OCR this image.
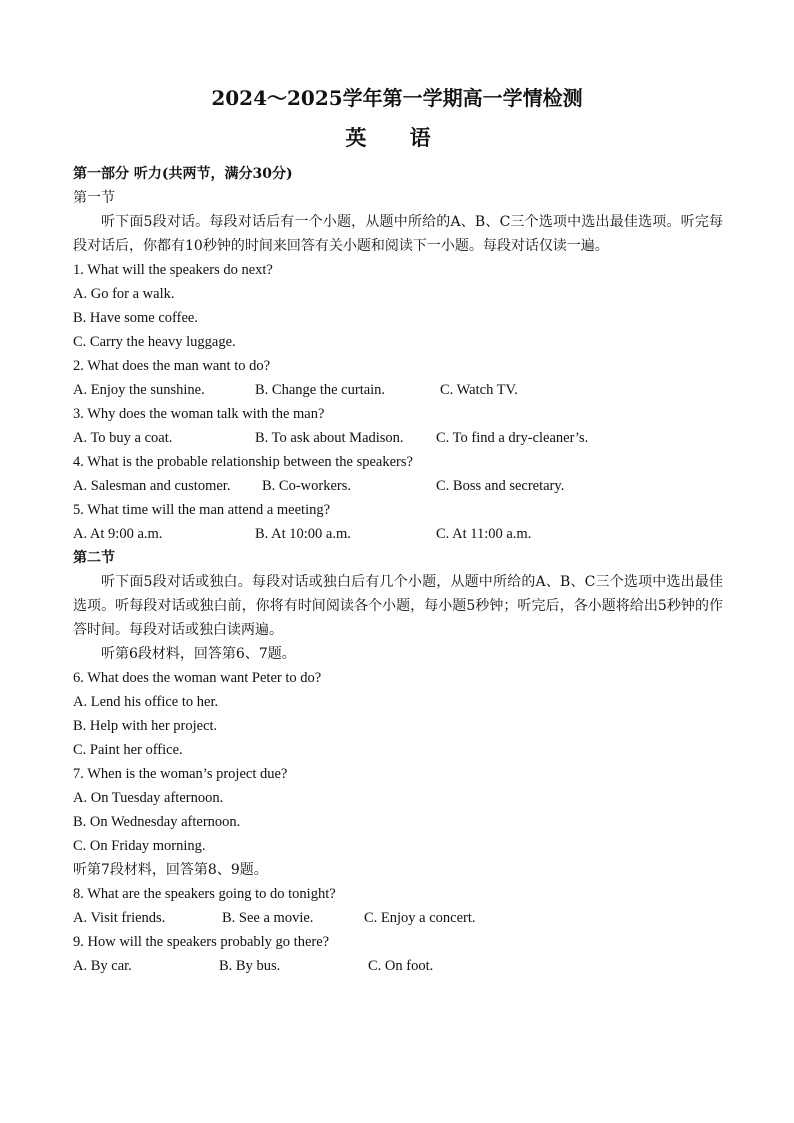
2024～2025学年第一学期高一学情检测
英 语
第一部分 听力(共两节，满分30分)
第一节
听下面5段对话。每段对话后有一个小题，从题中所给的A、B、C三个选项中选出最佳选项。听完每段对话后，你都有10秒钟的时间来回答有关小题和阅读下一小题。每段对话仅读一遍。
1. What will the speakers do next?
A. Go for a walk.
B. Have some coffee.
C. Carry the heavy luggage.
2. What does the man want to do?
A. Enjoy the sunshine.	B. Change the curtain.	C. Watch TV.
3. Why does the woman talk with the man?
A. To buy a coat.	B. To ask about Madison. C. To find a dry-cleaner’s.
4. What is the probable relationship between the speakers?
A. Salesman and customer. B. Co-workers.	C. Boss and secretary.
5. What time will the man attend a meeting?
A. At 9:00 a.m.	B. At 10:00 a.m.	C. At 11:00 a.m.
第二节
听下面5段对话或独白。每段对话或独白后有几个小题，从题中所给的A、B、C三个选项中选出最佳选项。听每段对话或独白前，你将有时间阅读各个小题，每小题5秒钟；听完后，各小题将给出5秒钟的作答时间。每段对话或独白读两遍。
听第6段材料，回答第6、7题。
6. What does the woman want Peter to do?
A. Lend his office to her.
B. Help with her project.
C. Paint her office.
7. When is the woman’s project due?
A. On Tuesday afternoon.
B. On Wednesday afternoon.
C. On Friday morning.
听第7段材料，回答第8、9题。
8. What are the speakers going to do tonight?
A. Visit friends.	B. See a movie.	C. Enjoy a concert.
9. How will the speakers probably go there?
A. By car.	B. By bus.	C. On foot.
